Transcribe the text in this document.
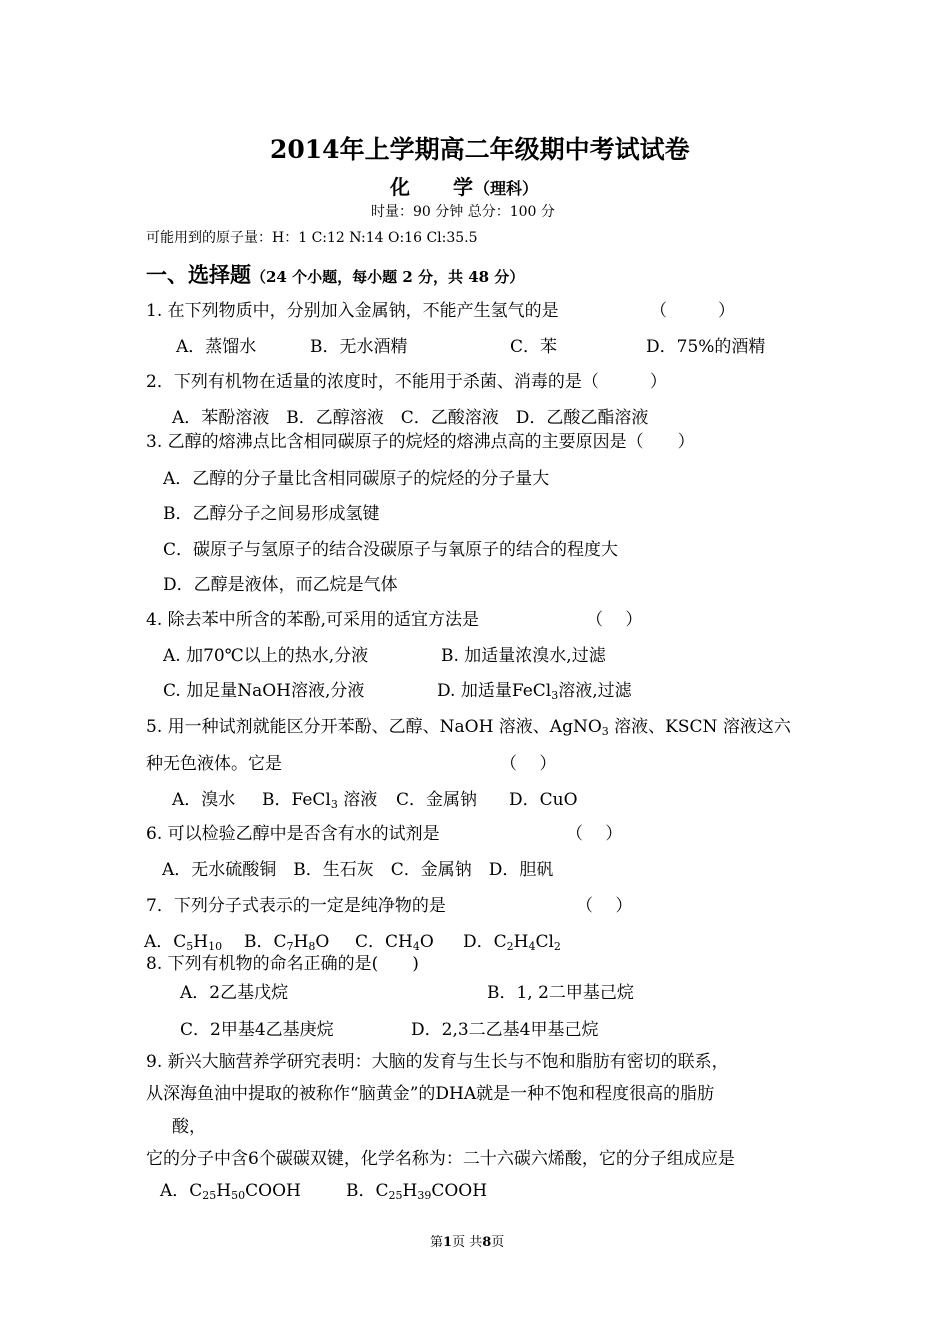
2014年上学期高二年级期中考试试卷
化　　学（理科）
时量：90 分钟 总分：100 分
可能用到的原子量：H：1 C:12 N:14 O:16 Cl:35.5
一、选择题（24 个小题，每小题 2 分，共 48 分）
1. 在下列物质中，分别加入金属钠，不能产生氢气的是	（　　　）
A．蒸馏水	B．无水酒精	C．苯	D．75%的酒精
2．下列有机物在适量的浓度时，不能用于杀菌、消毒的是（　　　）
A．苯酚溶液　B．乙醇溶液　C．乙酸溶液　D．乙酸乙酯溶液
3. 乙醇的熔沸点比含相同碳原子的烷烃的熔沸点高的主要原因是（　　）
A．乙醇的分子量比含相同碳原子的烷烃的分子量大
B．乙醇分子之间易形成氢键
C．碳原子与氢原子的结合没碳原子与氧原子的结合的程度大
D．乙醇是液体，而乙烷是气体
4. 除去苯中所含的苯酚,可采用的适宜方法是	（　 ）
A. 加70℃以上的热水,分液	B. 加适量浓溴水,过滤
C. 加足量NaOH溶液,分液	D. 加适量FeCl$_3$溶液,过滤
5. 用一种试剂就能区分开苯酚、乙醇、NaOH 溶液、AgNO$_3$ 溶液、KSCN 溶液这六
种无色液体。它是	（　 ）
A．溴水 B．FeCl$_3$ 溶液 C．金属钠 D．CuO
6. 可以检验乙醇中是否含有水的试剂是	（　 ）
A．无水硫酸铜　B．生石灰　C．金属钠　D．胆矾
7．下列分子式表示的一定是纯净物的是	（　 ）
A．$C_5H_{10}$ B．$C_7H_8O$ C．$CH_4O$ D．$C_2H_4Cl_2$
8. 下列有机物的命名正确的是(　　)
A．2乙基戊烷	B．1, 2二甲基己烷
C．2甲基4乙基庚烷	D．2,3二乙基4甲基己烷
9. 新兴大脑营养学研究表明：大脑的发育与生长与不饱和脂肪有密切的联系，
从深海鱼油中提取的被称作“脑黄金”的DHA就是一种不饱和程度很高的脂肪
酸，
它的分子中含6个碳碳双键，化学名称为：二十六碳六烯酸，它的分子组成应是
A．$C_{25}H_{50}COOH$	B．$C_{25}H_{39}COOH$
第1页 共8页
